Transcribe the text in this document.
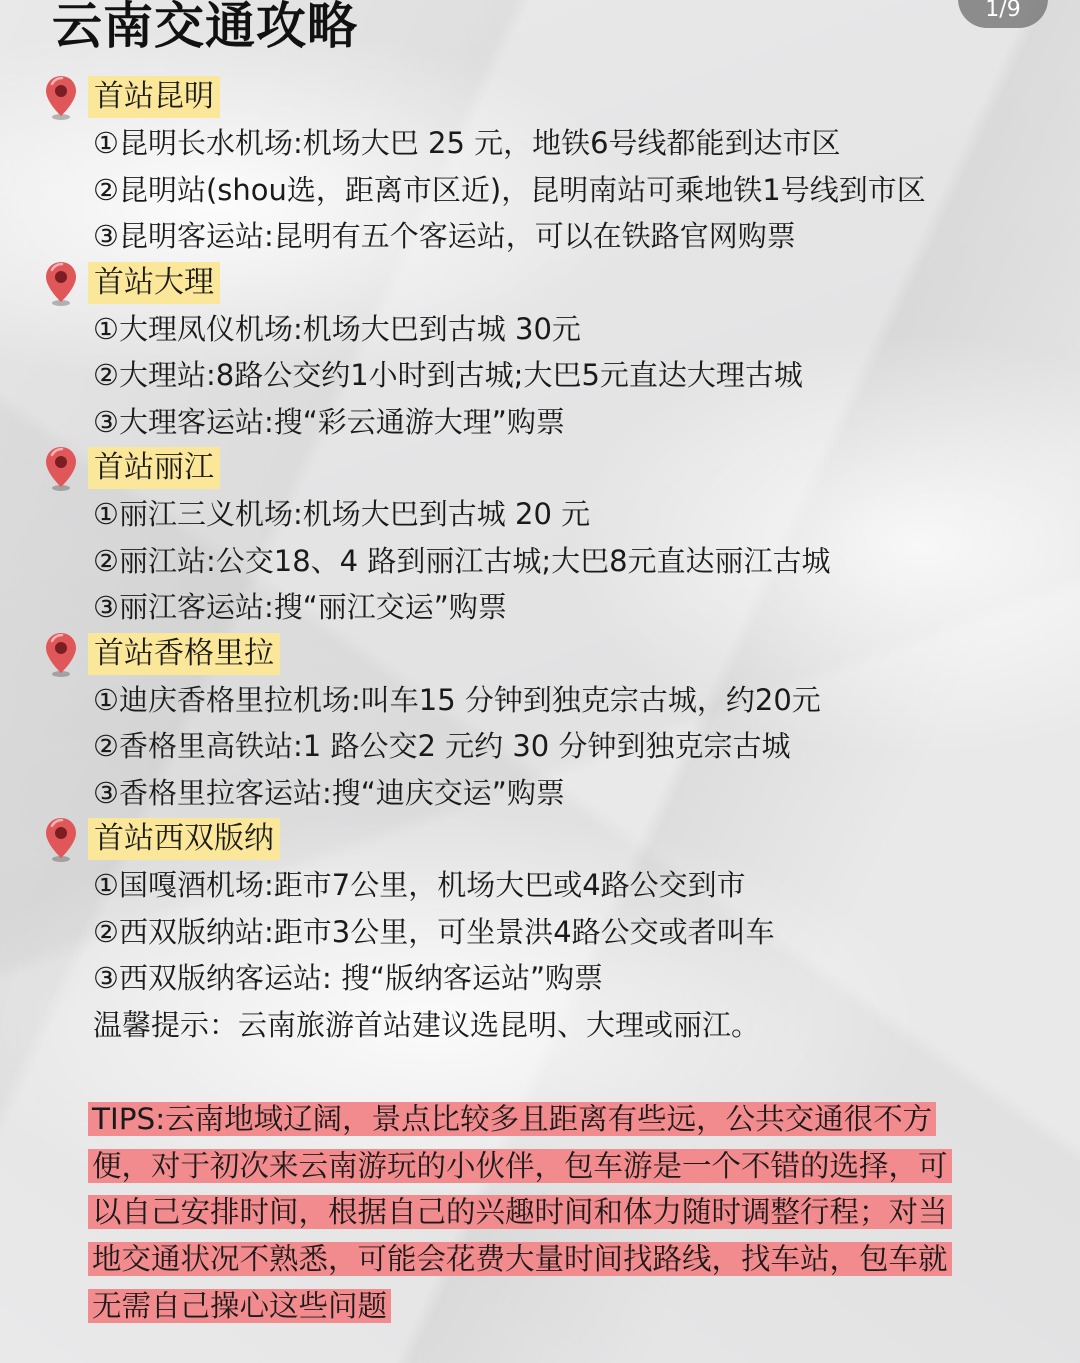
云南交通攻略	1/9
首站昆明
①昆明长水机场:机场大巴 25 元，地铁6号线都能到达市区
②昆明站(shou选，距离市区近)，昆明南站可乘地铁1号线到市区
③昆明客运站:昆明有五个客运站，可以在铁路官网购票
首站大理
①大理凤仪机场:机场大巴到古城 30元
②大理站:8路公交约1小时到古城;大巴5元直达大理古城
③大理客运站:搜“彩云通游大理”购票
首站丽江
①丽江三义机场:机场大巴到古城 20 元
②丽江站:公交18、4 路到丽江古城;大巴8元直达丽江古城
③丽江客运站:搜“丽江交运”购票
首站香格里拉
①迪庆香格里拉机场:叫车15 分钟到独克宗古城，约20元
②香格里高铁站:1 路公交2 元约 30 分钟到独克宗古城
③香格里拉客运站:搜“迪庆交运”购票
首站西双版纳
①国嘎酒机场:距市7公里，机场大巴或4路公交到市
②西双版纳站:距市3公里，可坐景洪4路公交或者叫车
③西双版纳客运站: 搜“版纳客运站”购票
温馨提示：云南旅游首站建议选昆明、大理或丽江。
TIPS:云南地域辽阔，景点比较多且距离有些远，公共交通很不方
便，对于初次来云南游玩的小伙伴，包车游是一个不错的选择，可
以自己安排时间，根据自己的兴趣时间和体力随时调整行程；对当
地交通状况不熟悉，可能会花费大量时间找路线，找车站，包车就
无需自己操心这些问题
